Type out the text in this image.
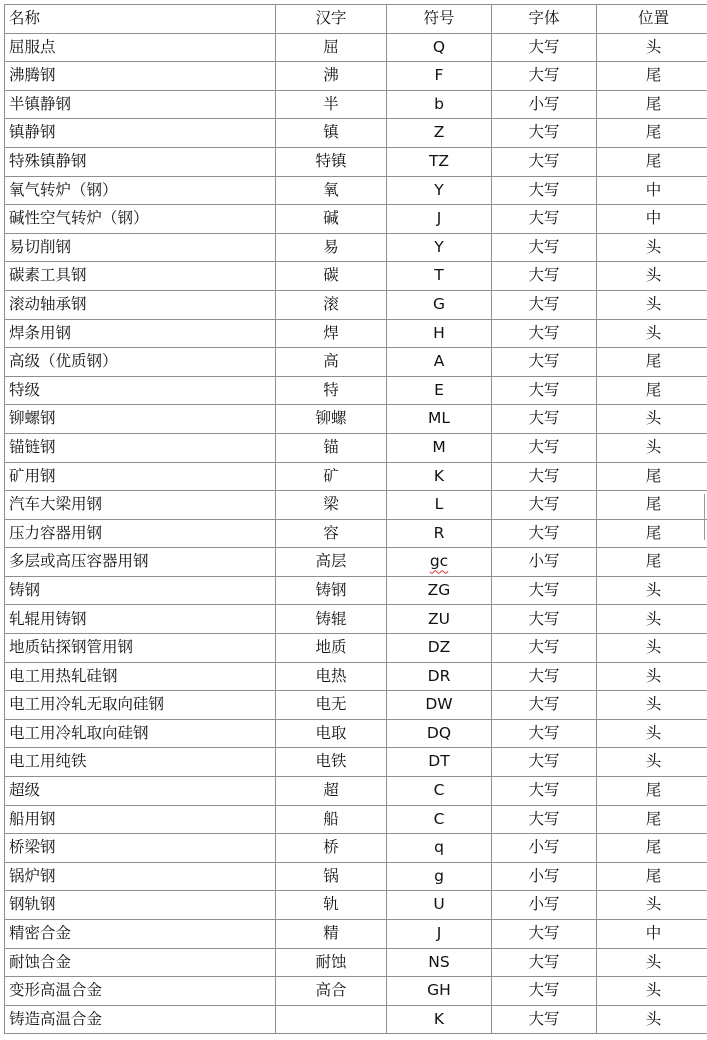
名称	汉字	符号	字体	位置
屈服点	屈	Q	大写	头
沸腾钢	沸	F	大写	尾
半镇静钢	半	b	小写	尾
镇静钢	镇	Z	大写	尾
特殊镇静钢	特镇	TZ	大写	尾
氧气转炉（钢）	氧	Y	大写	中
碱性空气转炉（钢）	碱	J	大写	中
易切削钢	易	Y	大写	头
碳素工具钢	碳	T	大写	头
滚动轴承钢	滚	G	大写	头
焊条用钢	焊	H	大写	头
高级（优质钢）	高	A	大写	尾
特级	特	E	大写	尾
铆螺钢	铆螺	ML	大写	头
锚链钢	锚	M	大写	头
矿用钢	矿	K	大写	尾
汽车大梁用钢	梁	L	大写	尾
压力容器用钢	容	R	大写	尾
多层或高压容器用钢	高层	gc	小写	尾
铸钢	铸钢	ZG	大写	头
轧辊用铸钢	铸辊	ZU	大写	头
地质钻探钢管用钢	地质	DZ	大写	头
电工用热轧硅钢	电热	DR	大写	头
电工用冷轧无取向硅钢	电无	DW	大写	头
电工用冷轧取向硅钢	电取	DQ	大写	头
电工用纯铁	电铁	DT	大写	头
超级	超	C	大写	尾
船用钢	船	C	大写	尾
桥梁钢	桥	q	小写	尾
锅炉钢	锅	g	小写	尾
钢轨钢	轨	U	小写	头
精密合金	精	J	大写	中
耐蚀合金	耐蚀	NS	大写	头
变形高温合金	高合	GH	大写	头
铸造高温合金		K	大写	头
